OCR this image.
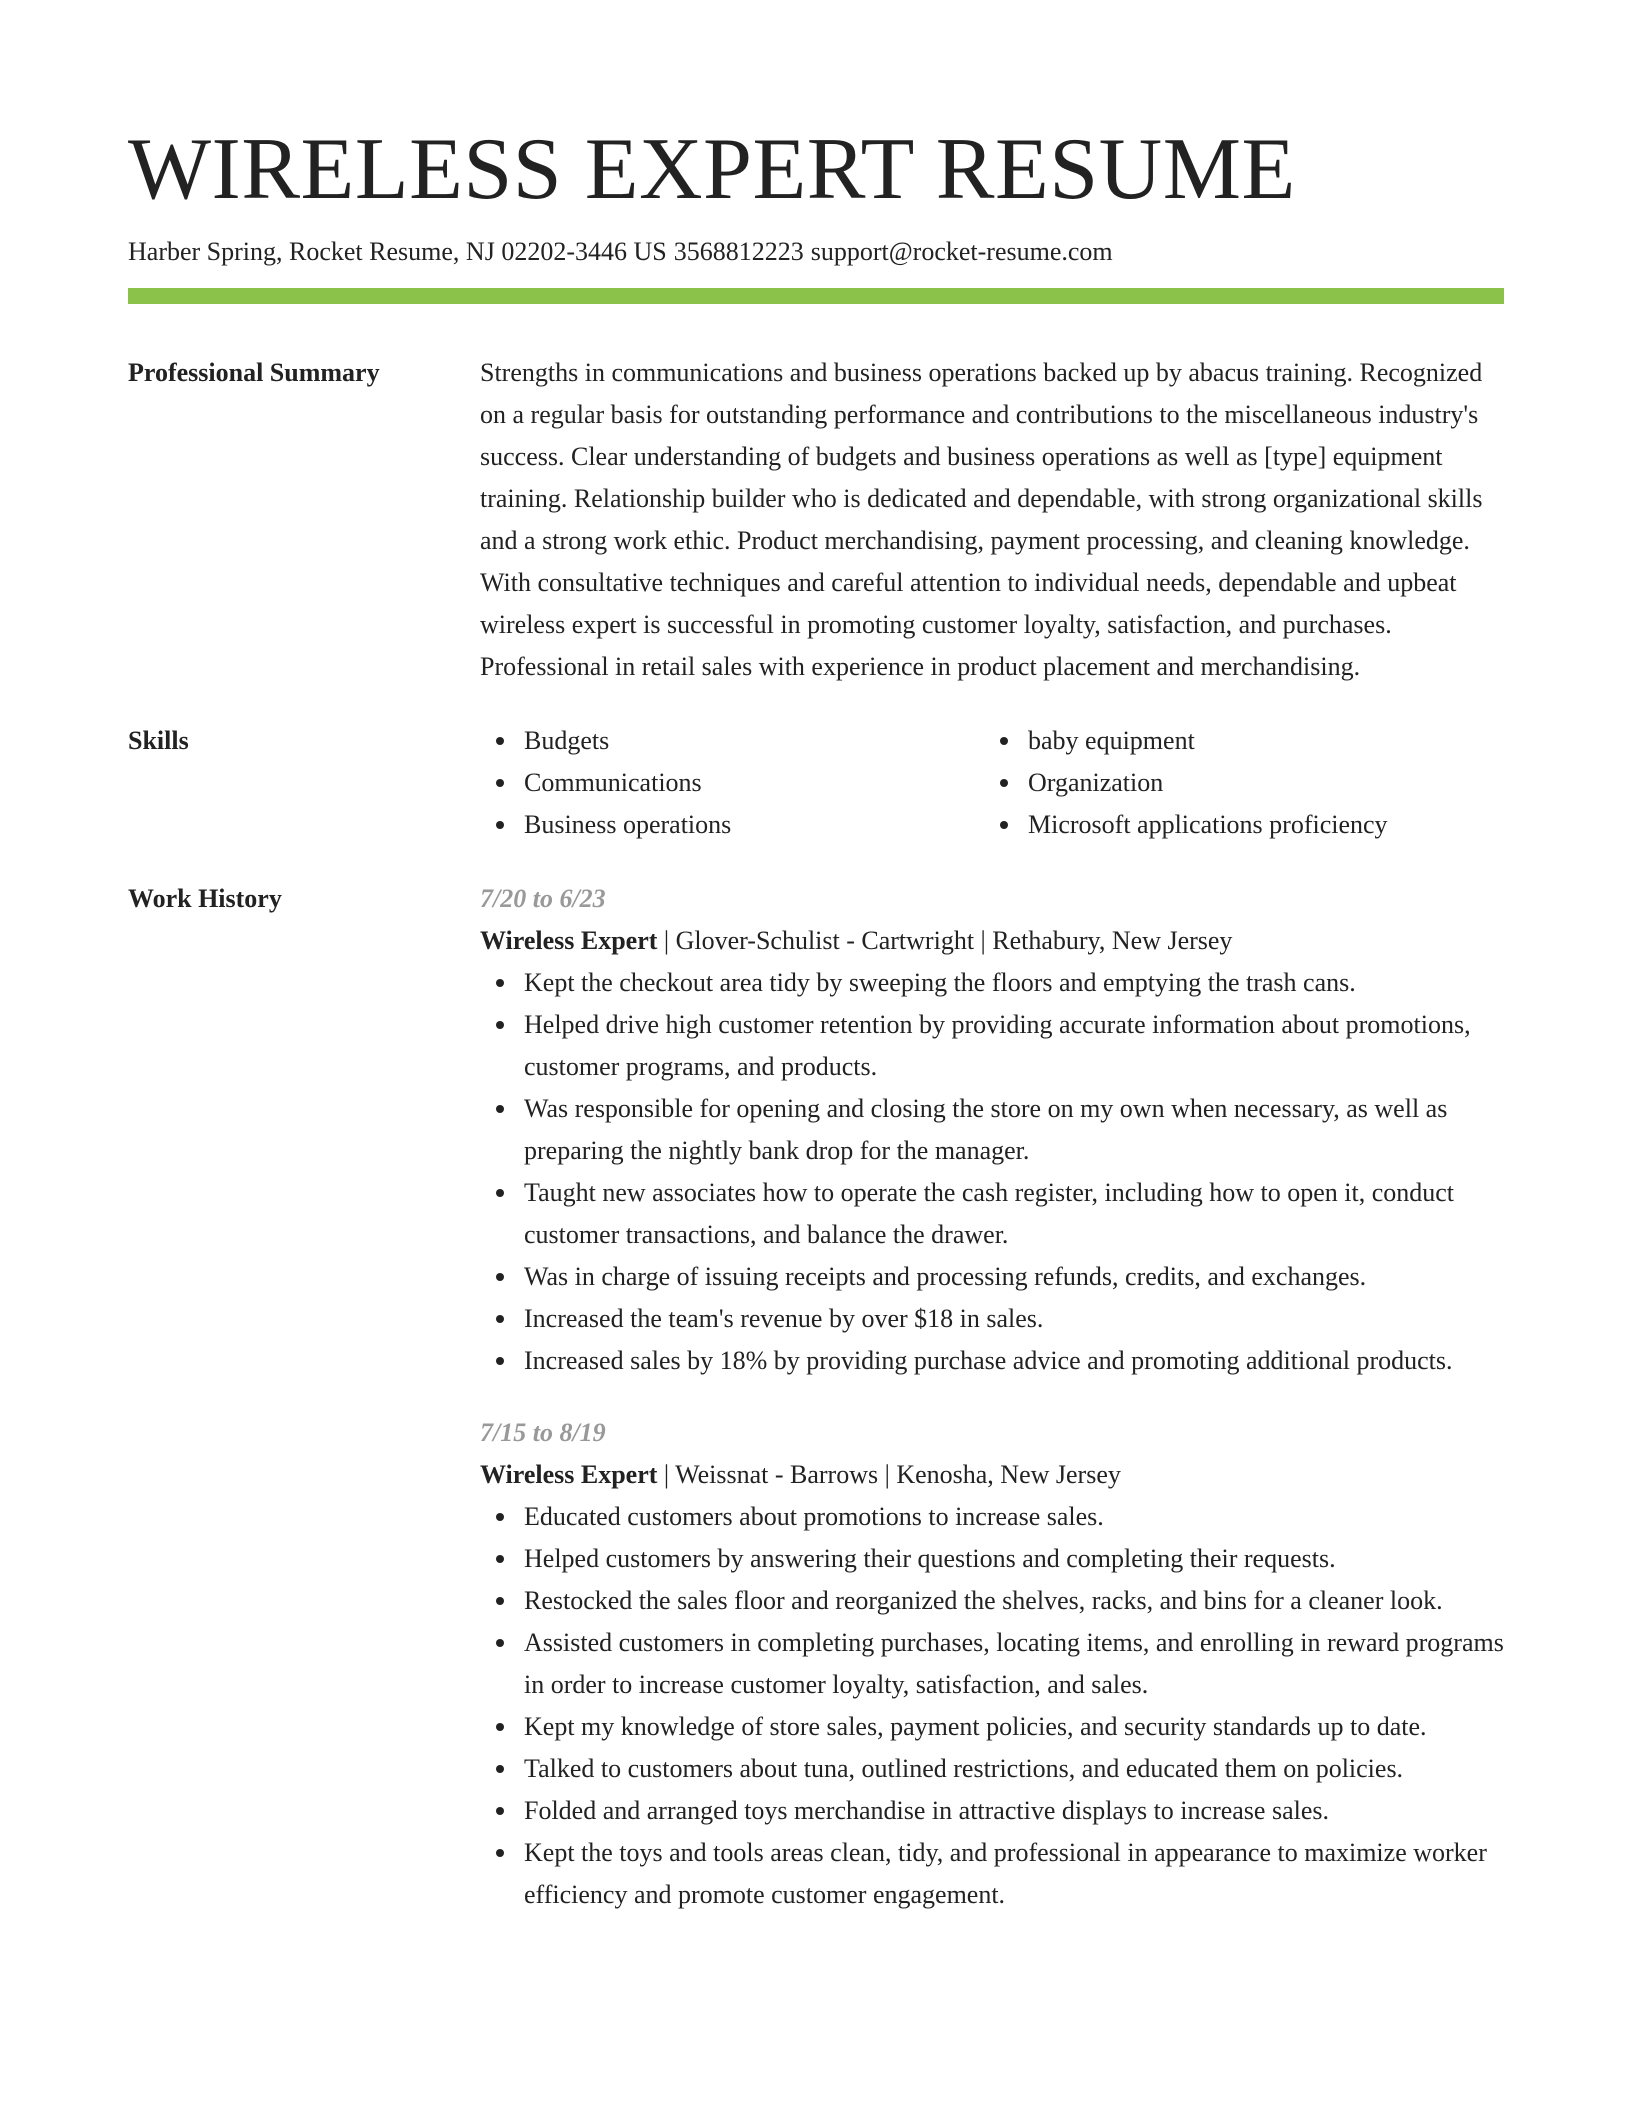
WIRELESS EXPERT RESUME
Harber Spring, Rocket Resume, NJ 02202-3446 US 3568812223 support@rocket-resume.com
Professional Summary	Strengths in communications and business operations backed up by abacus training. Recognized on a regular basis for outstanding performance and contributions to the miscellaneous industry's success. Clear understanding of budgets and business operations as well as [type] equipment training. Relationship builder who is dedicated and dependable, with strong organizational skills and a strong work ethic. Product merchandising, payment processing, and cleaning knowledge. With consultative techniques and careful attention to individual needs, dependable and upbeat wireless expert is successful in promoting customer loyalty, satisfaction, and purchases. Professional in retail sales with experience in product placement and merchandising.
Skills	Budgets
Communications
Business operations
baby equipment
Organization
Microsoft applications proficiency
Work History	7/20 to 6/23
Wireless Expert | Glover-Schulist - Cartwright | Rethabury, New Jersey
Kept the checkout area tidy by sweeping the floors and emptying the trash cans.
Helped drive high customer retention by providing accurate information about promotions, customer programs, and products.
Was responsible for opening and closing the store on my own when necessary, as well as preparing the nightly bank drop for the manager.
Taught new associates how to operate the cash register, including how to open it, conduct customer transactions, and balance the drawer.
Was in charge of issuing receipts and processing refunds, credits, and exchanges.
Increased the team's revenue by over $18 in sales.
Increased sales by 18% by providing purchase advice and promoting additional products.
7/15 to 8/19
Wireless Expert | Weissnat - Barrows | Kenosha, New Jersey
Educated customers about promotions to increase sales.
Helped customers by answering their questions and completing their requests.
Restocked the sales floor and reorganized the shelves, racks, and bins for a cleaner look.
Assisted customers in completing purchases, locating items, and enrolling in reward programs in order to increase customer loyalty, satisfaction, and sales.
Kept my knowledge of store sales, payment policies, and security standards up to date.
Talked to customers about tuna, outlined restrictions, and educated them on policies.
Folded and arranged toys merchandise in attractive displays to increase sales.
Kept the toys and tools areas clean, tidy, and professional in appearance to maximize worker efficiency and promote customer engagement.
